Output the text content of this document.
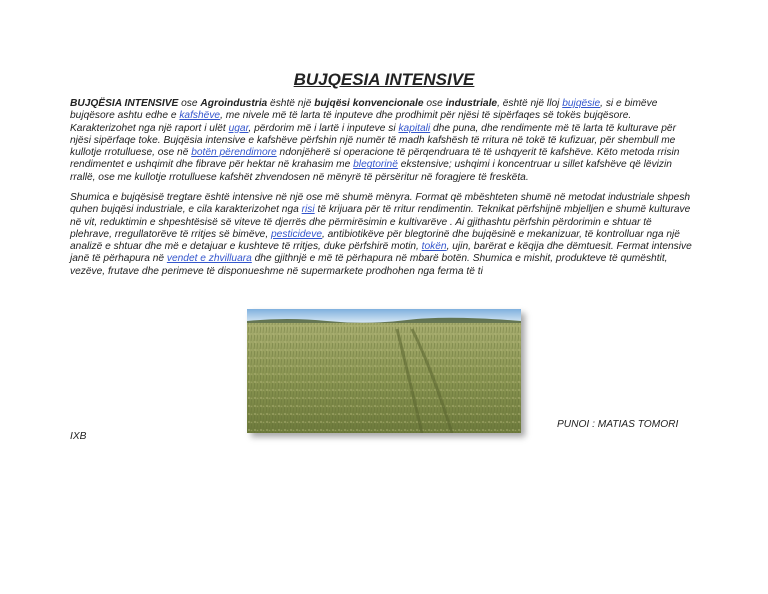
BUJQESIA INTENSIVE
BUJQËSIA INTENSIVE ose Agroindustria është një bujqësi konvencionale ose industriale, është një lloj bujqësie, si e bimëve bujqësore ashtu edhe e kafshëve, me nivele më të larta të inputeve dhe prodhimit për njësi të sipërfaqes së tokës bujqësore. Karakterizohet nga një raport i ulët ugar, përdorim më i lartë i inputeve si kapitali dhe puna, dhe rendimente më të larta të kulturave për njësi sipërfaqe toke. Bujqësia intensive e kafshëve përfshin një numër të madh kafshësh të rritura në tokë të kufizuar, për shembull me kullotje rrotulluese, ose në botën përendimore ndonjëherë si operacione të përqendruara të të ushqyerit të kafshëve. Këto metoda rrisin rendimentet e ushqimit dhe fibrave për hektar në krahasim me blegtorinë ekstensive; ushqimi i koncentruar u sillet kafshëve që lëvizin rrallë, ose me kullotje rrotulluese kafshët zhvendosen në mënyrë të përsëritur në foragjere të freskëta.
Shumica e bujqësisë tregtare është intensive në një ose më shumë mënyra. Format që mbështeten shumë në metodat industriale shpesh quhen bujqësi industriale, e cila karakterizohet nga risi të krijuara për të rritur rendimentin. Teknikat përfshijnë mbjelljen e shumë kulturave në vit, reduktimin e shpeshtësisë së viteve të djerrës dhe përmirësimin e kultivarëve . Ai gjithashtu përfshin përdorimin e shtuar të plehrave, rregullatorëve të rritjes së bimëve, pesticideve, antibiotikëve për blegtorinë dhe bujqësinë e mekanizuar, të kontrolluar nga një analizë e shtuar dhe më e detajuar e kushteve të rritjes, duke përfshirë motin, tokën, ujin, barërat e këqija dhe dëmtuesit. Fermat intensive janë të përhapura në vendet e zhvilluara dhe gjithnjë e më të përhapura në mbarë botën. Shumica e mishit, produkteve të qumështit, vezëve, frutave dhe perimeve të disponueshme në supermarkete prodhohen nga ferma të ti
PUNOI : MATIAS TOMORI
IXB
